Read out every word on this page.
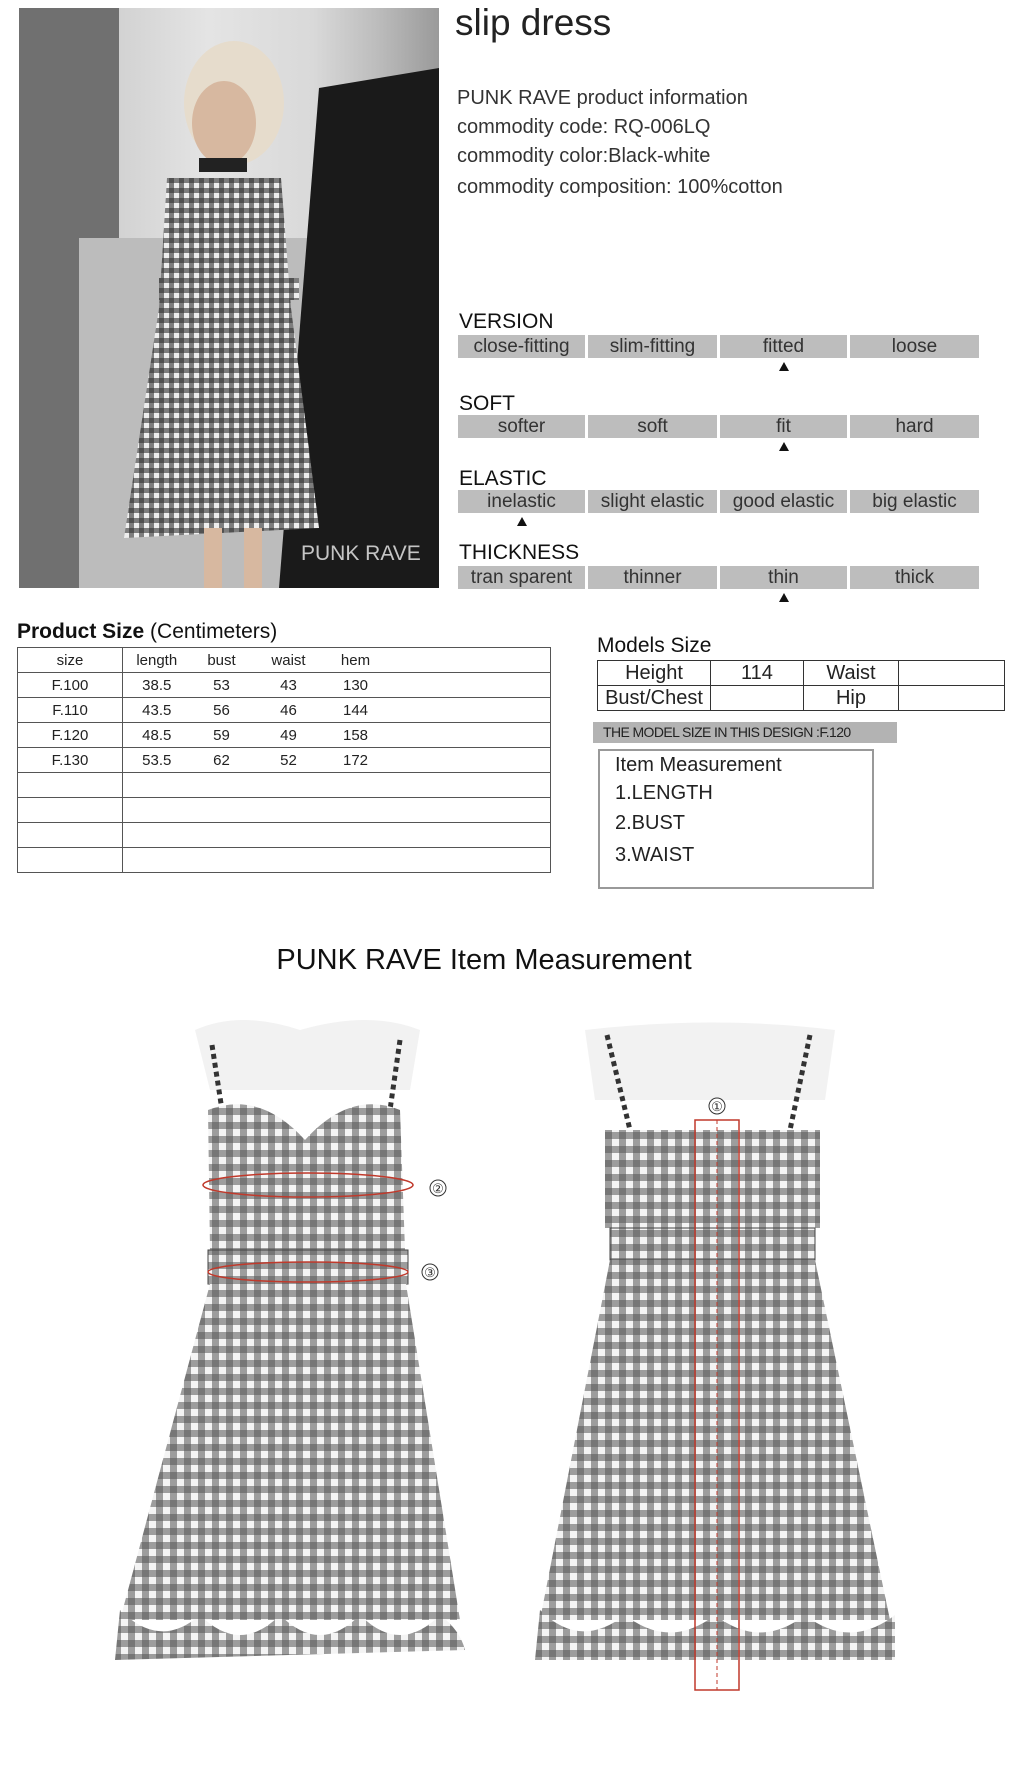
PUNK RAVE
slip dress
PUNK RAVE product information
commodity code: RQ-006LQ
commodity color:Black-white
commodity composition: 100%cotton
VERSION
close-fitting	slim-fitting	fitted	loose
SOFT
softer	soft	fit	hard
ELASTIC
inelastic	slight elastic	good elastic	big elastic
THICKNESS
tran sparent	thinner	thin	thick
Product Size (Centimeters)
size	length	bust	waist	hem	
F.100	38.5	53	43	130	
F.110	43.5	56	46	144	
F.120	48.5	59	49	158	
F.130	53.5	62	52	172	

Models Size
Height	114	Waist	
Bust/Chest		Hip	
THE MODEL SIZE IN THIS DESIGN :F.120
Item Measurement
1.LENGTH
2.BUST
3.WAIST
PUNK RAVE Item Measurement
②
③
①
